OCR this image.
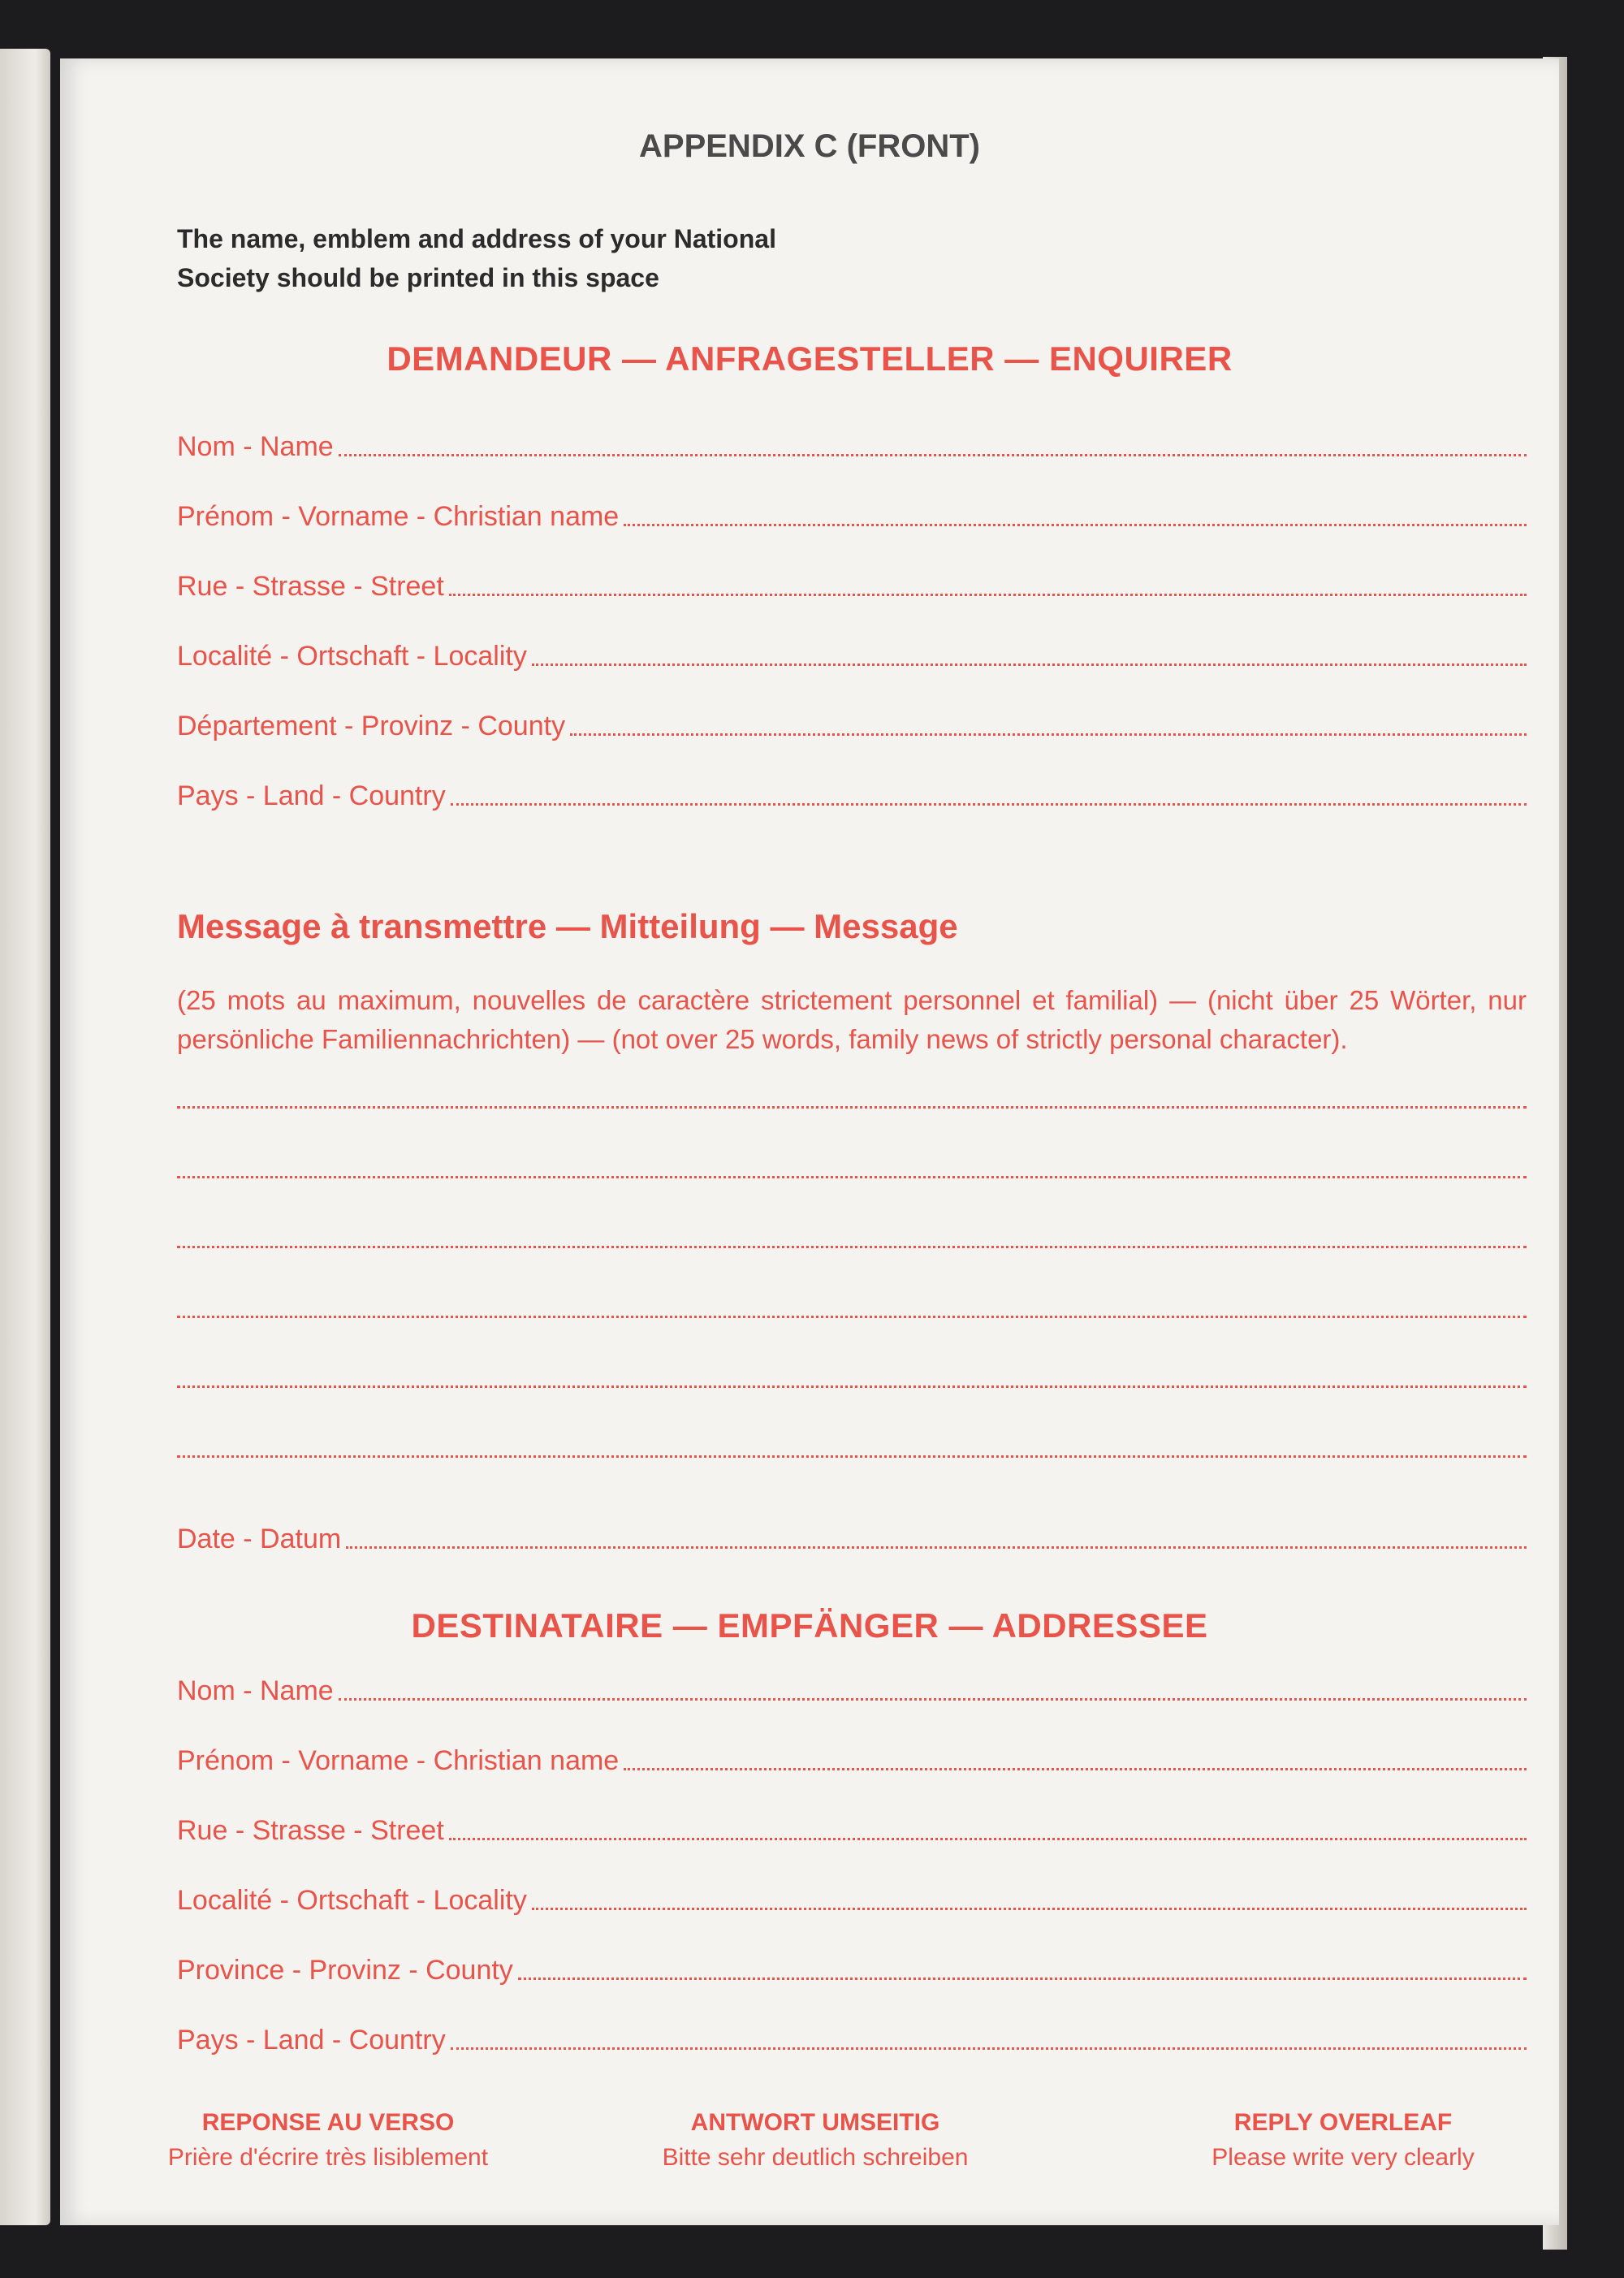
APPENDIX C (FRONT)
The name, emblem and address of your National
Society should be printed in this space
DEMANDEUR — ANFRAGESTELLER — ENQUIRER
Nom - Name
Prénom - Vorname - Christian name
Rue - Strasse - Street
Localité - Ortschaft - Locality
Département - Provinz - County
Pays - Land - Country
Message à transmettre — Mitteilung — Message
(25 mots au maximum, nouvelles de caractère strictement personnel et familial) — (nicht über 25 Wörter, nur persönliche Familiennachrichten) — (not over 25 words, family news of strictly personal character).
Date - Datum
DESTINATAIRE — EMPFÄNGER — ADDRESSEE
Nom - Name
Prénom - Vorname - Christian name
Rue - Strasse - Street
Localité - Ortschaft - Locality
Province - Provinz - County
Pays - Land - Country
REPONSE AU VERSO
Prière d'écrire très lisiblement
ANTWORT UMSEITIG
Bitte sehr deutlich schreiben
REPLY OVERLEAF
Please write very clearly
